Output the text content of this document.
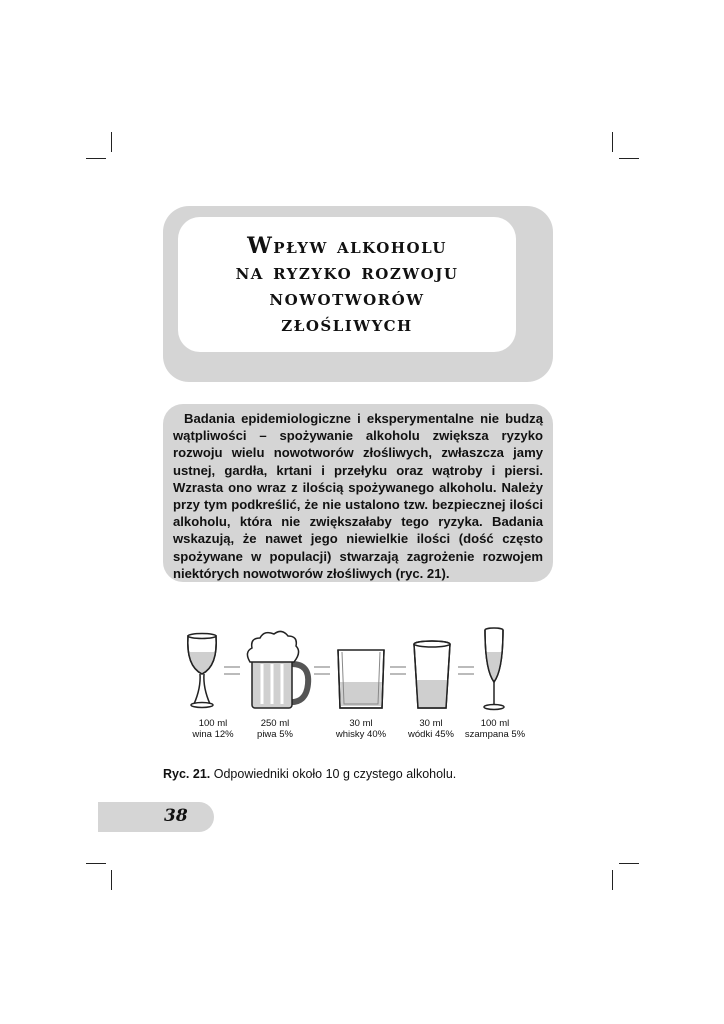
Wpływ alkoholu
na ryzyko rozwoju
nowotworów
złośliwych

Badania epidemiologiczne i eksperymentalne nie budzą wątpliwości – spożywanie alkoholu zwiększa ryzyko rozwoju wielu nowotworów złośliwych, zwłaszcza jamy ustnej, gardła, krtani i przełyku oraz wątroby i piersi. Wzrasta ono wraz z ilością spożywanego alkoholu. Należy przy tym podkreślić, że nie ustalono tzw. bezpiecznej ilości alkoholu, która nie zwiększałaby tego ryzyka. Badania wskazują, że nawet jego niewielkie ilości (dość często spożywane w populacji) stwarzają zagrożenie rozwojem niektórych nowotworów złośliwych (ryc. 21).

100 ml
wina 12%
250 ml
piwa 5%
30 ml
whisky 40%
30 ml
wódki 45%
100 ml
szampana 5%
Ryc. 21. Odpowiedniki około 10 g czystego alkoholu.
38
